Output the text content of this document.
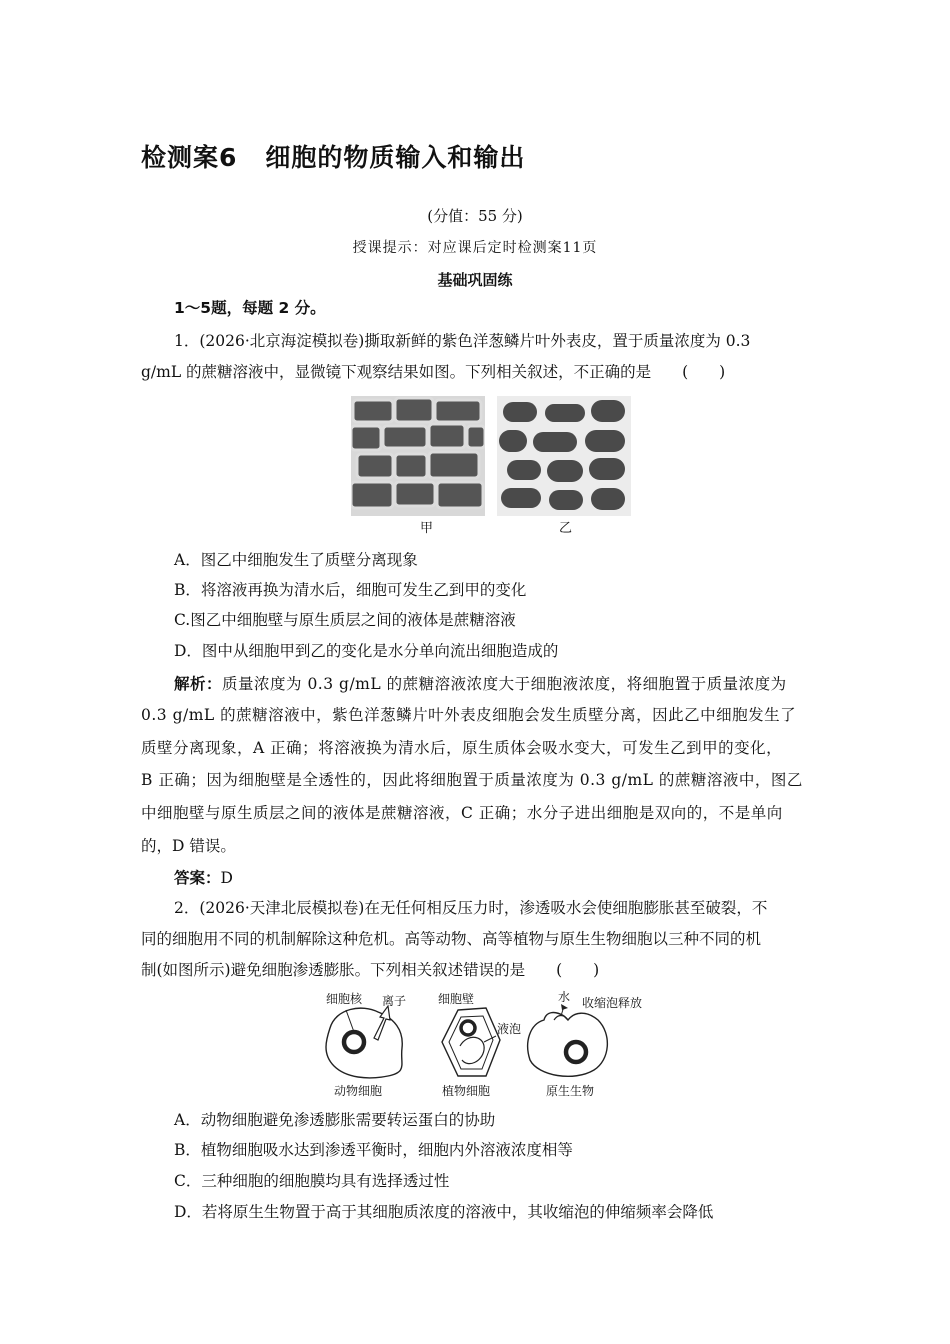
检测案6 细胞的物质输入和输出
(分值：55 分)
授课提示：对应课后定时检测案11页
基础巩固练
1～5题，每题 2 分。
1．(2026·北京海淀模拟卷)撕取新鲜的紫色洋葱鳞片叶外表皮，置于质量浓度为 0.3
g/mL 的蔗糖溶液中，显微镜下观察结果如图。下列相关叙述，不正确的是　　(　　)
甲	乙
A．图乙中细胞发生了质壁分离现象
B．将溶液再换为清水后，细胞可发生乙到甲的变化
C.图乙中细胞壁与原生质层之间的液体是蔗糖溶液
D．图中从细胞甲到乙的变化是水分单向流出细胞造成的
解析：质量浓度为 0.3 g/mL 的蔗糖溶液浓度大于细胞液浓度，将细胞置于质量浓度为
0.3 g/mL 的蔗糖溶液中，紫色洋葱鳞片叶外表皮细胞会发生质壁分离，因此乙中细胞发生了
质壁分离现象，A 正确；将溶液换为清水后，原生质体会吸水变大，可发生乙到甲的变化，
B 正确；因为细胞壁是全透性的，因此将细胞置于质量浓度为 0.3 g/mL 的蔗糖溶液中，图乙
中细胞壁与原生质层之间的液体是蔗糖溶液，C 正确；水分子进出细胞是双向的，不是单向
的，D 错误。
答案：D
2．(2026·天津北辰模拟卷)在无任何相反压力时，渗透吸水会使细胞膨胀甚至破裂，不
同的细胞用不同的机制解除这种危机。高等动物、高等植物与原生生物细胞以三种不同的机
制(如图所示)避免细胞渗透膨胀。下列相关叙述错误的是　　(　　)
细胞核 离子	细胞壁
液泡
水 收缩泡释放
动物细胞	植物细胞	原生生物
A．动物细胞避免渗透膨胀需要转运蛋白的协助
B．植物细胞吸水达到渗透平衡时，细胞内外溶液浓度相等
C．三种细胞的细胞膜均具有选择透过性
D．若将原生生物置于高于其细胞质浓度的溶液中，其收缩泡的伸缩频率会降低
